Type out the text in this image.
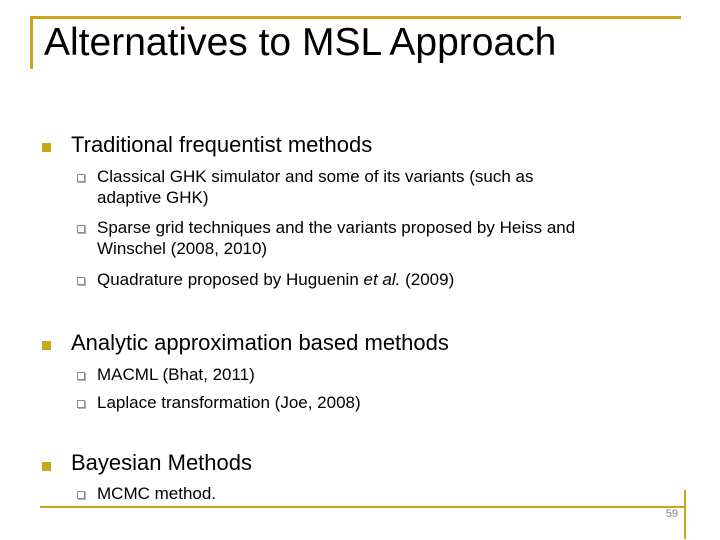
Alternatives to MSL Approach
Traditional frequentist methods
Classical GHK simulator and some of its variants (such as
adaptive GHK)
Sparse grid techniques and the variants proposed by Heiss and
Winschel (2008, 2010)
Quadrature proposed by Huguenin et al. (2009)
Analytic approximation based methods
MACML (Bhat, 2011)
Laplace transformation (Joe, 2008)
Bayesian Methods
MCMC method.
59
